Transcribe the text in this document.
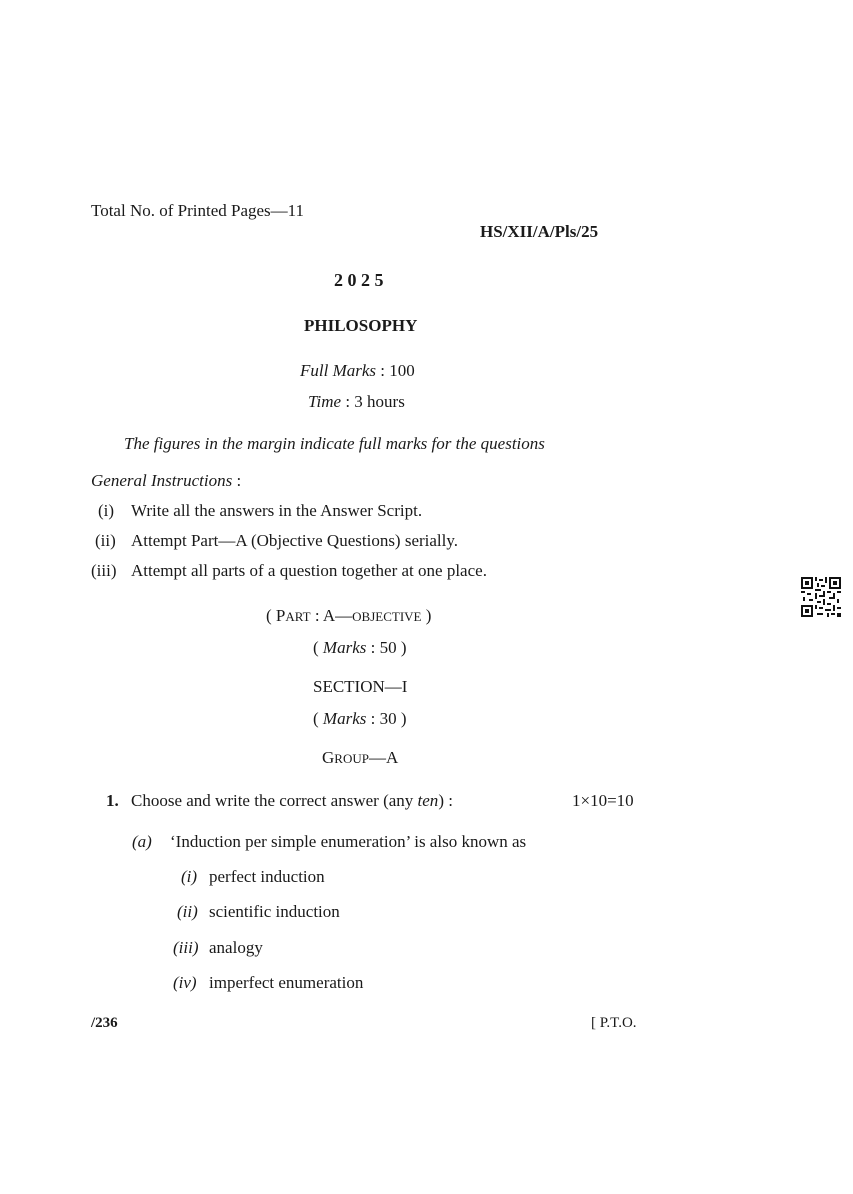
Total No. of Printed Pages—11
HS/XII/A/Pls/25
2 0 2 5
PHILOSOPHY
Full Marks : 100
Time : 3 hours
The figures in the margin indicate full marks for the questions
General Instructions :
(i) Write all the answers in the Answer Script.
(ii) Attempt Part—A (Objective Questions) serially.
(iii) Attempt all parts of a question together at one place.
( PART : A—OBJECTIVE )
( Marks : 50 )
SECTION—I
( Marks : 30 )
GROUP—A
1. Choose and write the correct answer (any ten) :	1×10=10
(a) ‘Induction per simple enumeration’ is also known as
(i) perfect induction
(ii) scientific induction
(iii) analogy
(iv) imperfect enumeration
/236	[ P.T.O.
